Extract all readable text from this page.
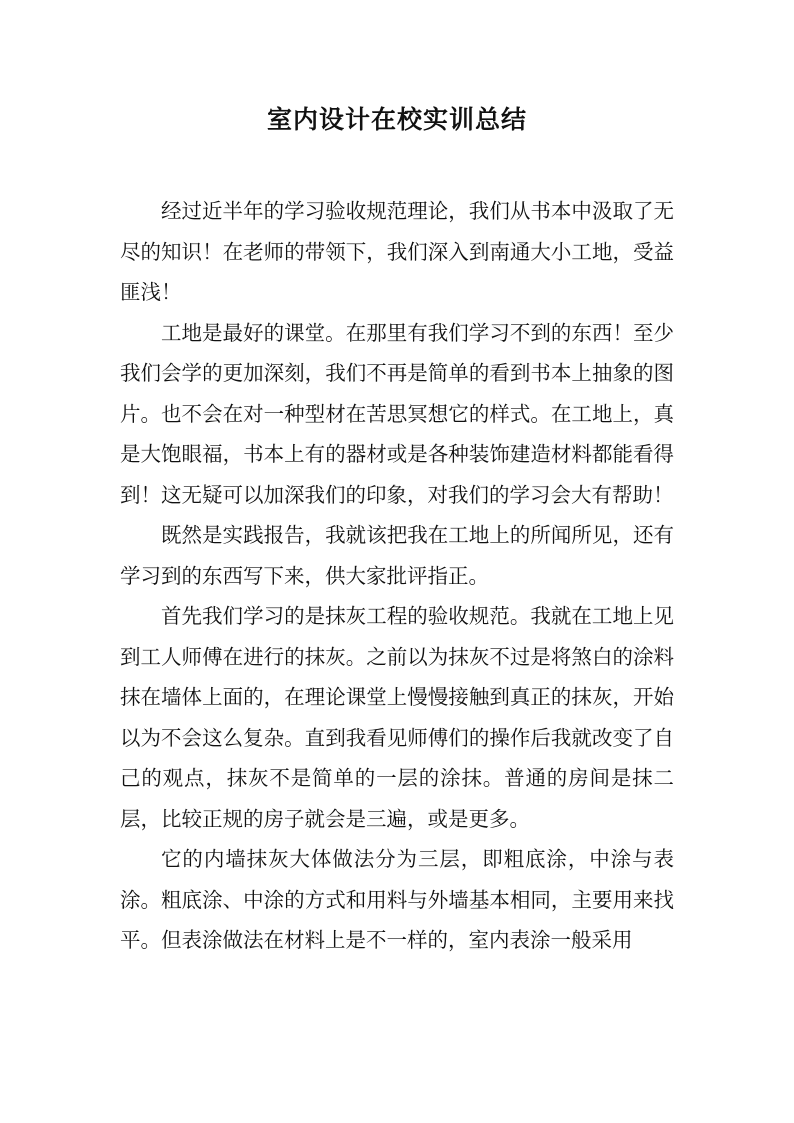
室内设计在校实训总结

经过近半年的学习验收规范理论，我们从书本中汲取了无尽的知识！在老师的带领下，我们深入到南通大小工地，受益匪浅！

工地是最好的课堂。在那里有我们学习不到的东西！至少我们会学的更加深刻，我们不再是简单的看到书本上抽象的图片。也不会在对一种型材在苦思冥想它的样式。在工地上，真是大饱眼福，书本上有的器材或是各种装饰建造材料都能看得到！这无疑可以加深我们的印象，对我们的学习会大有帮助！

既然是实践报告，我就该把我在工地上的所闻所见，还有学习到的东西写下来，供大家批评指正。

首先我们学习的是抹灰工程的验收规范。我就在工地上见到工人师傅在进行的抹灰。之前以为抹灰不过是将煞白的涂料抹在墙体上面的，在理论课堂上慢慢接触到真正的抹灰，开始以为不会这么复杂。直到我看见师傅们的操作后我就改变了自己的观点，抹灰不是简单的一层的涂抹。普通的房间是抹二层，比较正规的房子就会是三遍，或是更多。

它的内墙抹灰大体做法分为三层，即粗底涂，中涂与表涂。粗底涂、中涂的方式和用料与外墙基本相同，主要用来找平。但表涂做法在材料上是不一样的，室内表涂一般采用
